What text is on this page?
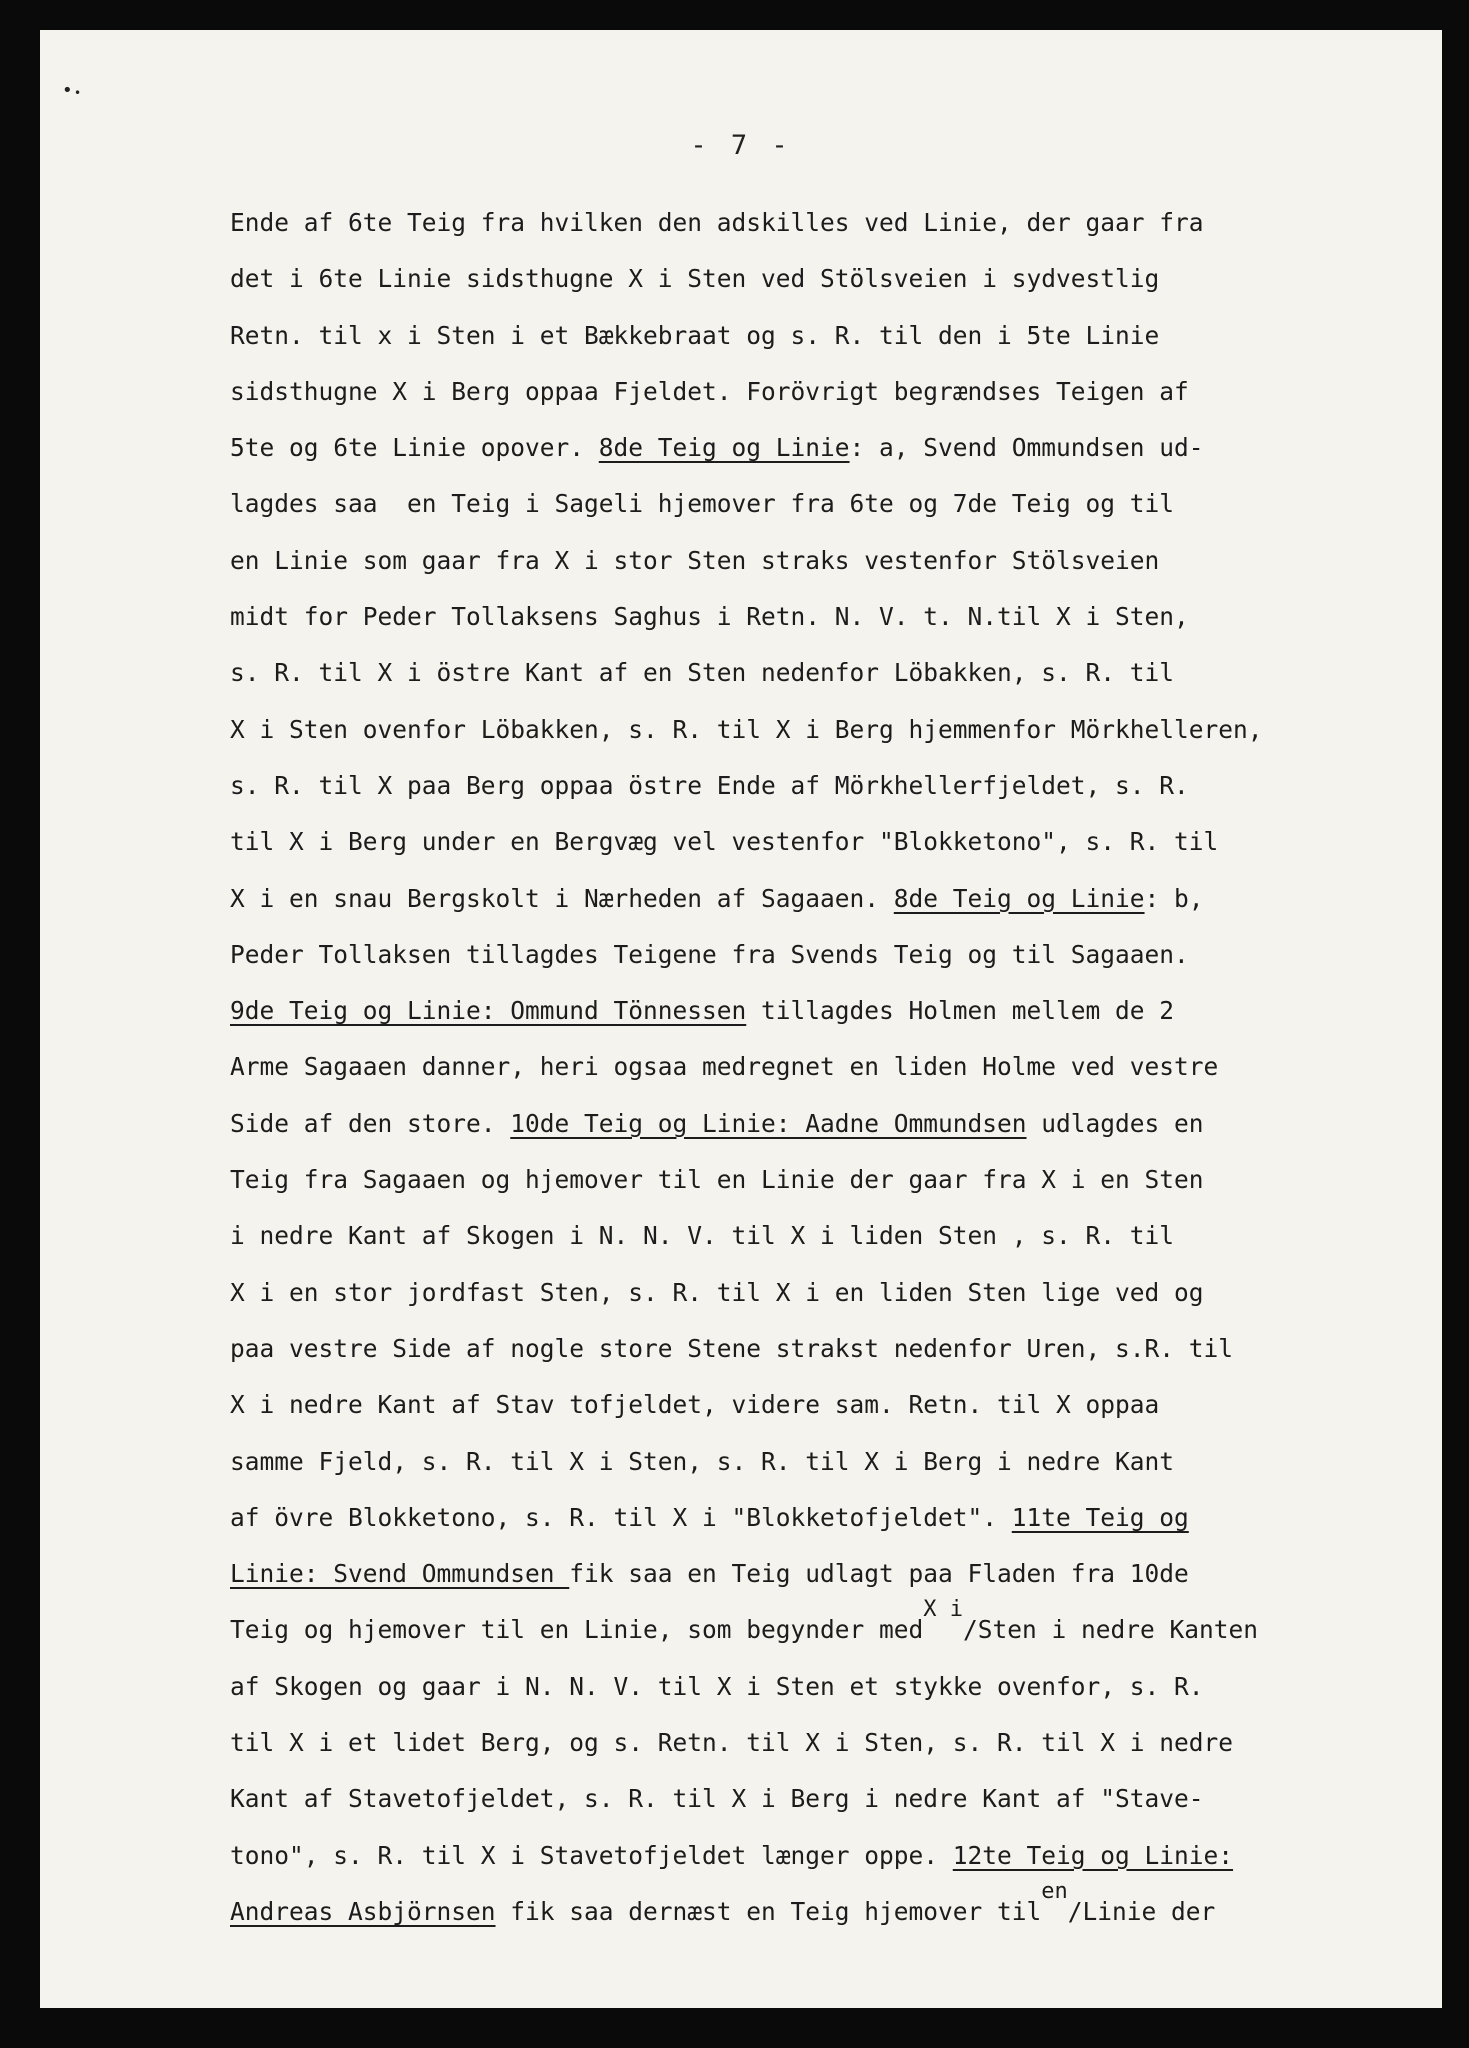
• •
- 7 -
Ende af 6te Teig fra hvilken den adskilles ved Linie, der gaar fra
det i 6te Linie sidsthugne X i Sten ved Stölsveien i sydvestlig
Retn. til x i Sten i et Bækkebraat og s. R. til den i 5te Linie
sidsthugne X i Berg oppaa Fjeldet. Forövrigt begrændses Teigen af
5te og 6te Linie opover. 8de Teig og Linie: a, Svend Ommundsen ud-
lagdes saa  en Teig i Sageli hjemover fra 6te og 7de Teig og til
en Linie som gaar fra X i stor Sten straks vestenfor Stölsveien
midt for Peder Tollaksens Saghus i Retn. N. V. t. N.til X i Sten,
s. R. til X i östre Kant af en Sten nedenfor Löbakken, s. R. til
X i Sten ovenfor Löbakken, s. R. til X i Berg hjemmenfor Mörkhelleren,
s. R. til X paa Berg oppaa östre Ende af Mörkhellerfjeldet, s. R.
til X i Berg under en Bergvæg vel vestenfor "Blokketono", s. R. til
X i en snau Bergskolt i Nærheden af Sagaaen. 8de Teig og Linie: b,
Peder Tollaksen tillagdes Teigene fra Svends Teig og til Sagaaen.
9de Teig og Linie: Ommund Tönnessen tillagdes Holmen mellem de 2
Arme Sagaaen danner, heri ogsaa medregnet en liden Holme ved vestre
Side af den store. 10de Teig og Linie: Aadne Ommundsen udlagdes en
Teig fra Sagaaen og hjemover til en Linie der gaar fra X i en Sten
i nedre Kant af Skogen i N. N. V. til X i liden Sten , s. R. til
X i en stor jordfast Sten, s. R. til X i en liden Sten lige ved og
paa vestre Side af nogle store Stene strakst nedenfor Uren, s.R. til
X i nedre Kant af Stav tofjeldet, videre sam. Retn. til X oppaa
samme Fjeld, s. R. til X i Sten, s. R. til X i Berg i nedre Kant
af övre Blokketono, s. R. til X i "Blokketofjeldet". 11te Teig og
Linie: Svend Ommundsen fik saa en Teig udlagt paa Fladen fra 10de
Teig og hjemover til en Linie, som begynder medX i/Sten i nedre Kanten
af Skogen og gaar i N. N. V. til X i Sten et stykke ovenfor, s. R.
til X i et lidet Berg, og s. Retn. til X i Sten, s. R. til X i nedre
Kant af Stavetofjeldet, s. R. til X i Berg i nedre Kant af "Stave-
tono", s. R. til X i Stavetofjeldet længer oppe. 12te Teig og Linie:
Andreas Asbjörnsen fik saa dernæst en Teig hjemover tilen/Linie der
